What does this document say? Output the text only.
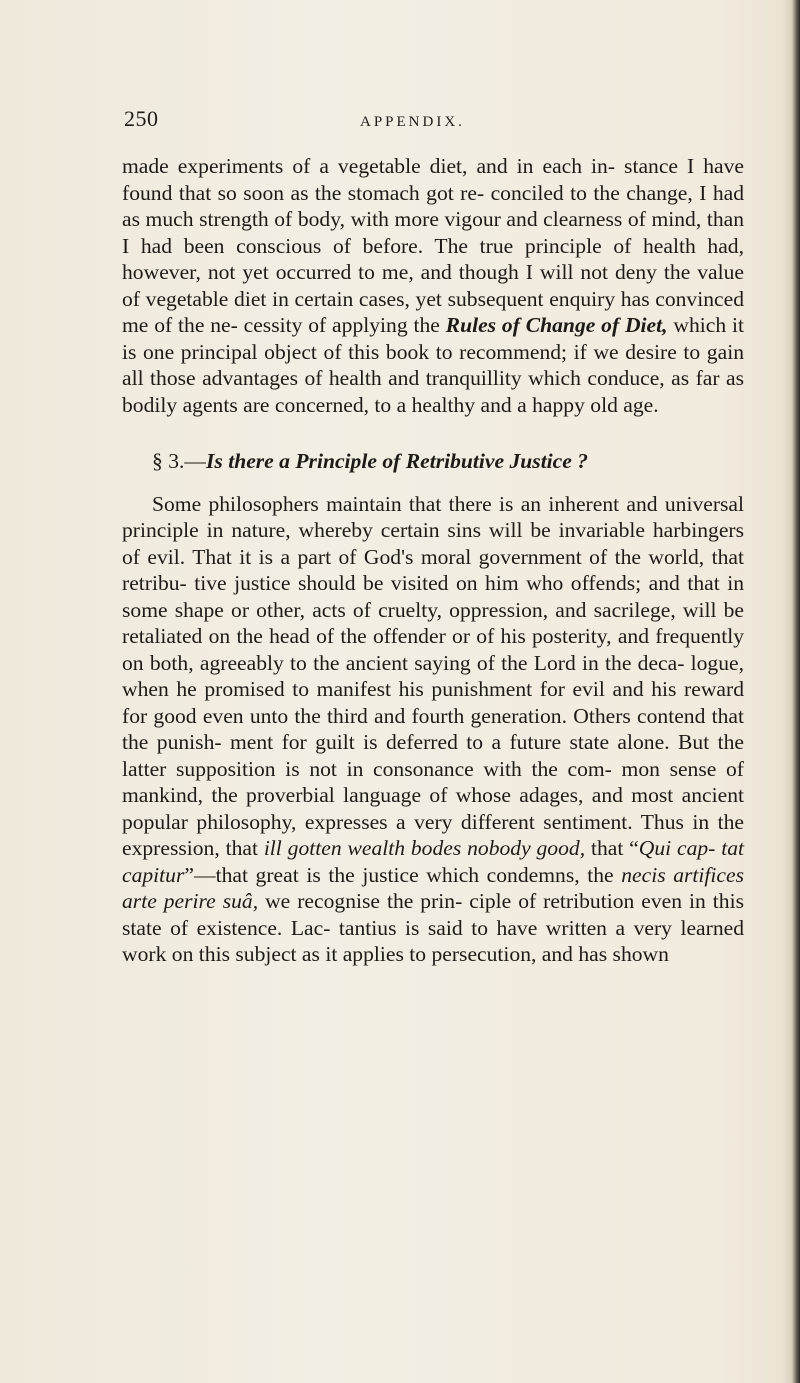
250	APPENDIX.

made experiments of a vegetable diet, and in each in- stance I have found that so soon as the stomach got re- conciled to the change, I had as much strength of body, with more vigour and clearness of mind, than I had been conscious of before. The true principle of health had, however, not yet occurred to me, and though I will not deny the value of vegetable diet in certain cases, yet subsequent enquiry has convinced me of the ne- cessity of applying the Rules of Change of Diet, which it is one principal object of this book to recommend; if we desire to gain all those advantages of health and tranquillity which conduce, as far as bodily agents are concerned, to a healthy and a happy old age.

§ 3.—Is there a Principle of Retributive Justice ?

Some philosophers maintain that there is an inherent and universal principle in nature, whereby certain sins will be invariable harbingers of evil. That it is a part of God's moral government of the world, that retribu- tive justice should be visited on him who offends; and that in some shape or other, acts of cruelty, oppression, and sacrilege, will be retaliated on the head of the offender or of his posterity, and frequently on both, agreeably to the ancient saying of the Lord in the deca- logue, when he promised to manifest his punishment for evil and his reward for good even unto the third and fourth generation. Others contend that the punish- ment for guilt is deferred to a future state alone. But the latter supposition is not in consonance with the com- mon sense of mankind, the proverbial language of whose adages, and most ancient popular philosophy, expresses a very different sentiment. Thus in the expression, that ill gotten wealth bodes nobody good, that “Qui cap- tat capitur”—that great is the justice which condemns, the necis artifices arte perire suâ, we recognise the prin- ciple of retribution even in this state of existence. Lac- tantius is said to have written a very learned work on this subject as it applies to persecution, and has shown
